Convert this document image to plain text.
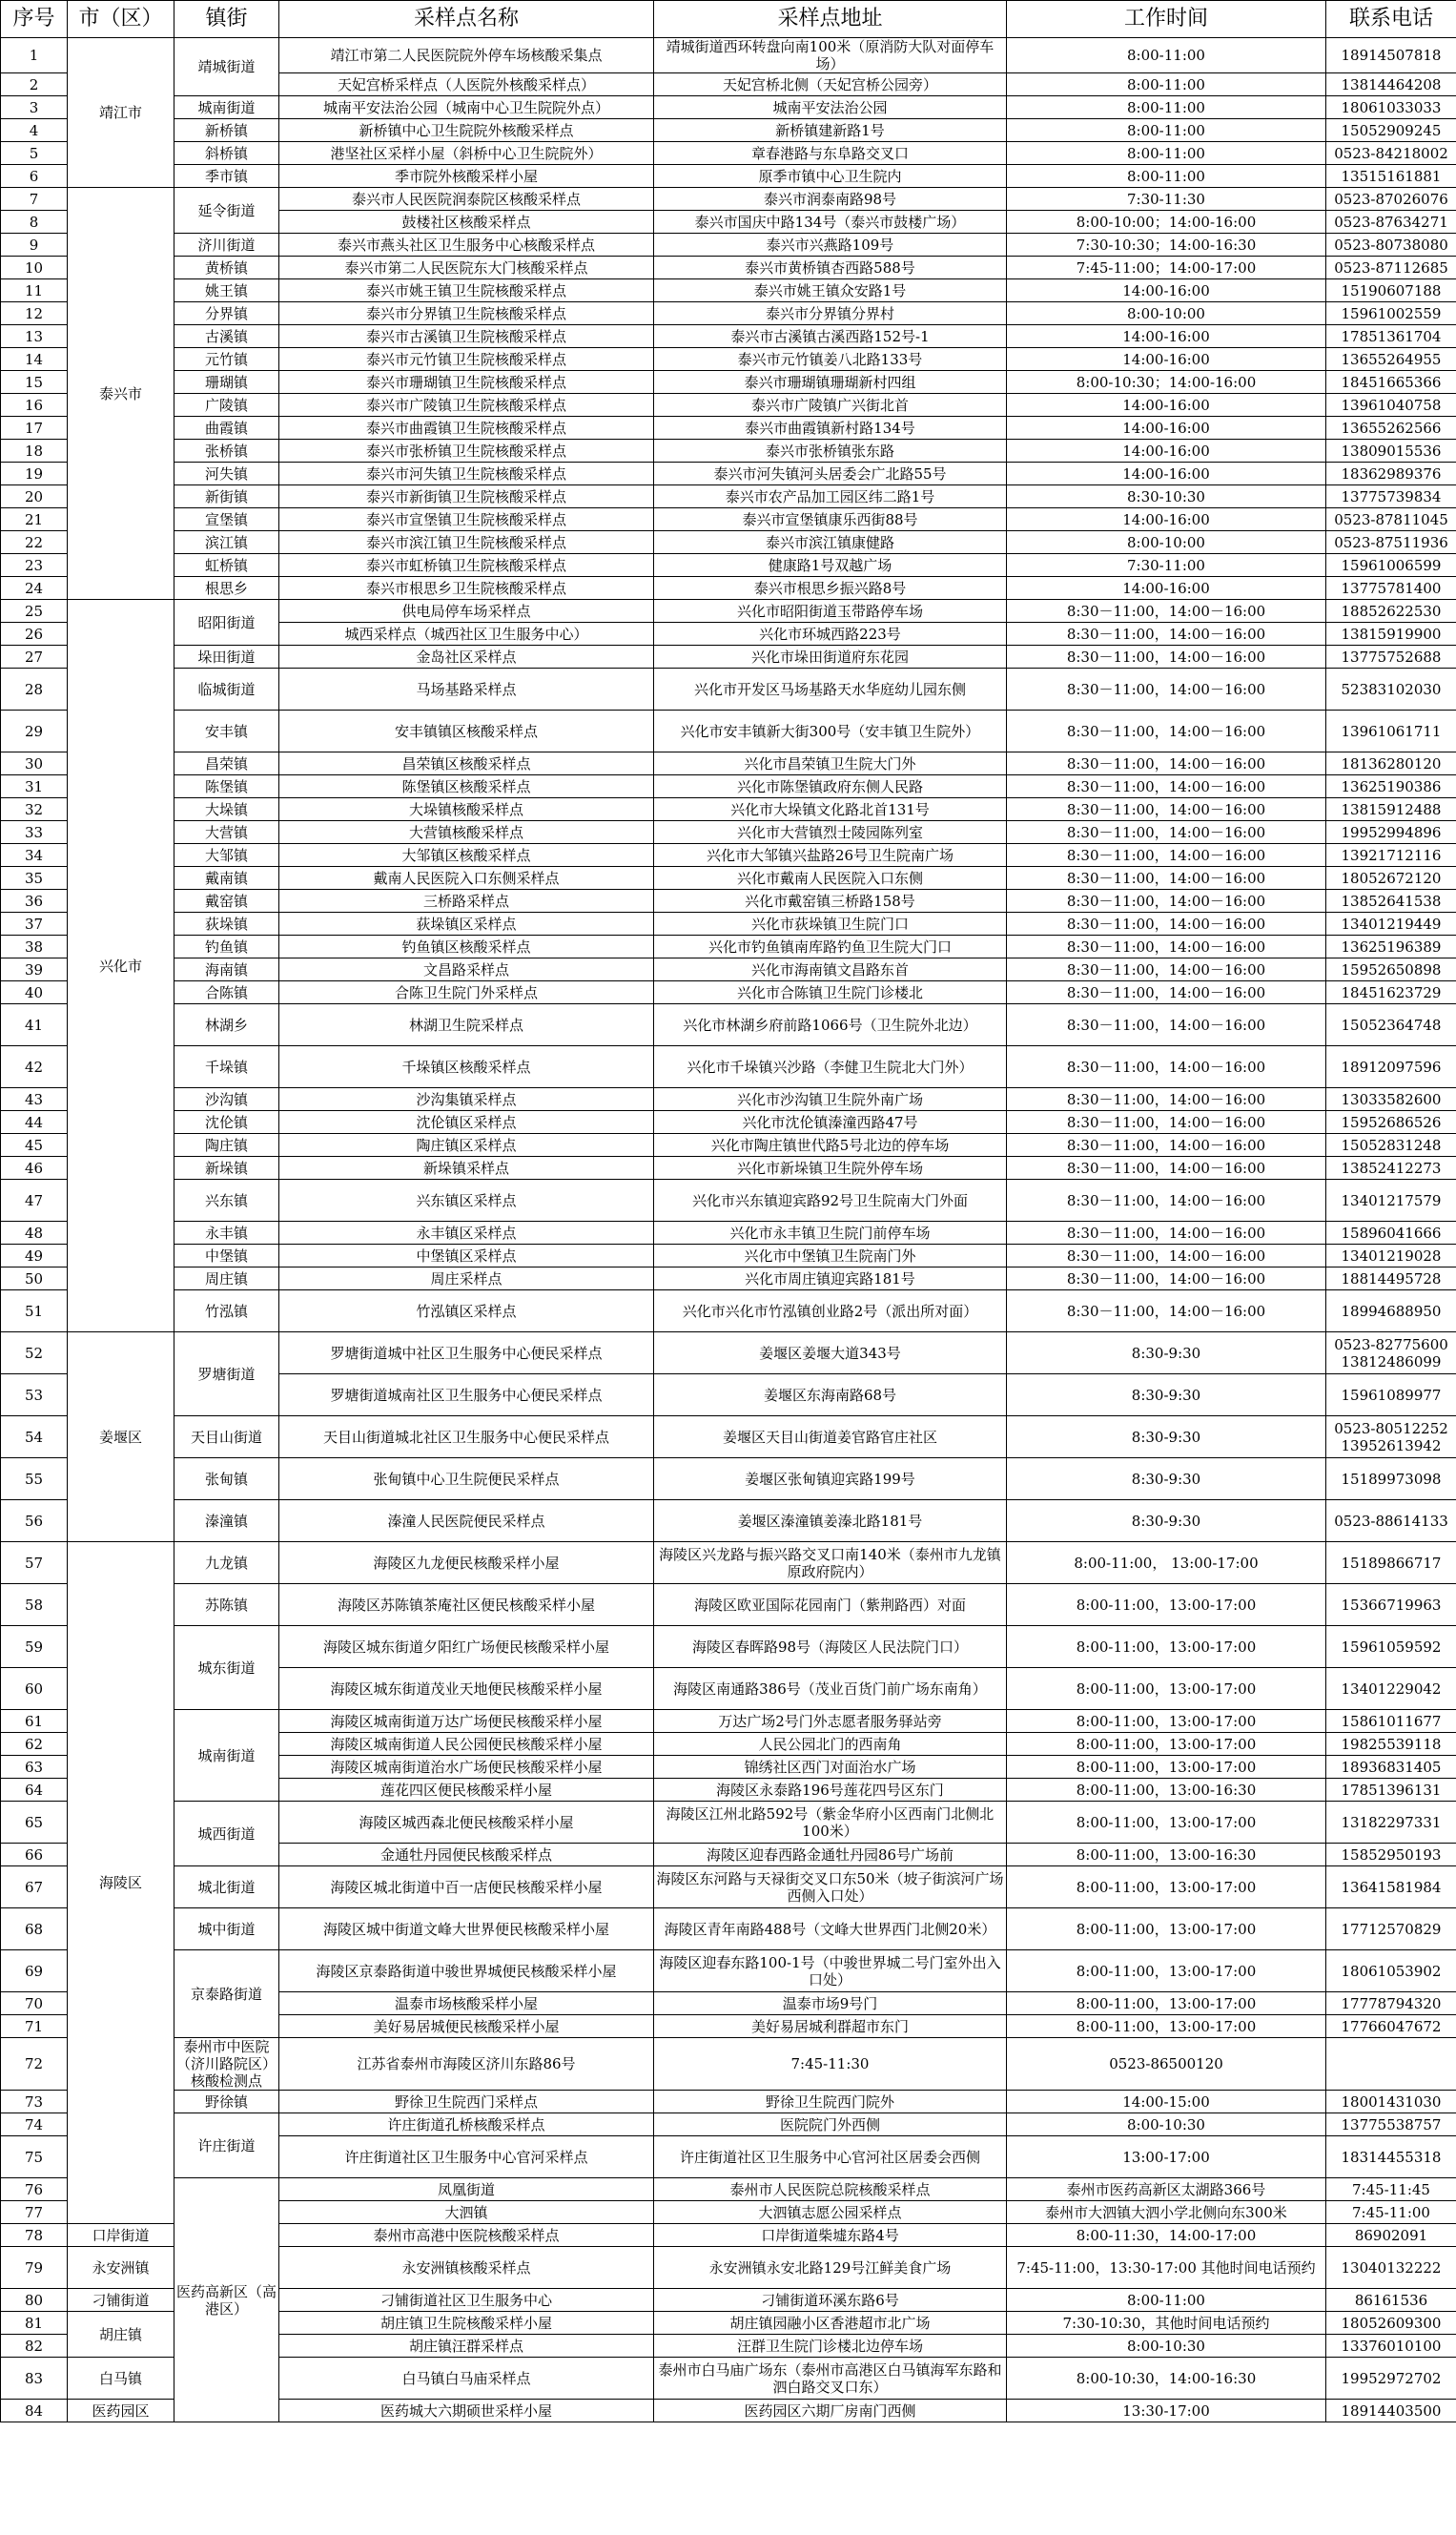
序号	市（区）	镇街	采样点名称	采样点地址	工作时间	联系电话
1	靖江市	靖城街道	靖江市第二人民医院院外停车场核酸采集点	靖城街道西环转盘向南100米（原消防大队对面停车场）	8:00-11:00	18914507818
2			天妃宫桥采样点（人医院外核酸采样点）	天妃宫桥北侧（天妃宫桥公园旁）	8:00-11:00	13814464208
3		城南街道	城南平安法治公园（城南中心卫生院院外点）	城南平安法治公园	8:00-11:00	18061033033
4		新桥镇	新桥镇中心卫生院院外核酸采样点	新桥镇建新路1号	8:00-11:00	15052909245
5		斜桥镇	港坚社区采样小屋（斜桥中心卫生院院外）	章春港路与东阜路交叉口	8:00-11:00	0523-84218002
6		季市镇	季市院外核酸采样小屋	原季市镇中心卫生院内	8:00-11:00	13515161881
7	泰兴市	延令街道	泰兴市人民医院润泰院区核酸采样点	泰兴市润泰南路98号	7:30-11:30	0523-87026076
8			鼓楼社区核酸采样点	泰兴市国庆中路134号（泰兴市鼓楼广场）	8:00-10:00；14:00-16:00	0523-87634271
9		济川街道	泰兴市燕头社区卫生服务中心核酸采样点	泰兴市兴燕路109号	7:30-10:30；14:00-16:30	0523-80738080
10		黄桥镇	泰兴市第二人民医院东大门核酸采样点	泰兴市黄桥镇杏西路588号	7:45-11:00；14:00-17:00	0523-87112685
11		姚王镇	泰兴市姚王镇卫生院核酸采样点	泰兴市姚王镇众安路1号	14:00-16:00	15190607188
12		分界镇	泰兴市分界镇卫生院核酸采样点	泰兴市分界镇分界村	8:00-10:00	15961002559
13		古溪镇	泰兴市古溪镇卫生院核酸采样点	泰兴市古溪镇古溪西路152号-1	14:00-16:00	17851361704
14		元竹镇	泰兴市元竹镇卫生院核酸采样点	泰兴市元竹镇姜八北路133号	14:00-16:00	13655264955
15		珊瑚镇	泰兴市珊瑚镇卫生院核酸采样点	泰兴市珊瑚镇珊瑚新村四组	8:00-10:30；14:00-16:00	18451665366
16		广陵镇	泰兴市广陵镇卫生院核酸采样点	泰兴市广陵镇广兴街北首	14:00-16:00	13961040758
17		曲霞镇	泰兴市曲霞镇卫生院核酸采样点	泰兴市曲霞镇新村路134号	14:00-16:00	13655262566
18		张桥镇	泰兴市张桥镇卫生院核酸采样点	泰兴市张桥镇张东路	14:00-16:00	13809015536
19		河失镇	泰兴市河失镇卫生院核酸采样点	泰兴市河失镇河头居委会广北路55号	14:00-16:00	18362989376
20		新街镇	泰兴市新街镇卫生院核酸采样点	泰兴市农产品加工园区纬二路1号	8:30-10:30	13775739834
21		宣堡镇	泰兴市宣堡镇卫生院核酸采样点	泰兴市宣堡镇康乐西街88号	14:00-16:00	0523-87811045
22		滨江镇	泰兴市滨江镇卫生院核酸采样点	泰兴市滨江镇康健路	8:00-10:00	0523-87511936
23		虹桥镇	泰兴市虹桥镇卫生院核酸采样点	健康路1号双越广场	7:30-11:00	15961006599
24		根思乡	泰兴市根思乡卫生院核酸采样点	泰兴市根思乡振兴路8号	14:00-16:00	13775781400
25	兴化市	昭阳街道	供电局停车场采样点	兴化市昭阳街道玉带路停车场	8:30－11:00，14:00－16:00	18852622530
26			城西采样点（城西社区卫生服务中心）	兴化市环城西路223号	8:30－11:00，14:00－16:00	13815919900
27		垛田街道	金岛社区采样点	兴化市垛田街道府东花园	8:30－11:00，14:00－16:00	13775752688
28		临城街道	马场基路采样点	兴化市开发区马场基路天水华庭幼儿园东侧	8:30－11:00，14:00－16:00	52383102030
29		安丰镇	安丰镇镇区核酸采样点	兴化市安丰镇新大街300号（安丰镇卫生院外）	8:30－11:00，14:00－16:00	13961061711
30		昌荣镇	昌荣镇区核酸采样点	兴化市昌荣镇卫生院大门外	8:30－11:00，14:00－16:00	18136280120
31		陈堡镇	陈堡镇区核酸采样点	兴化市陈堡镇政府东侧人民路	8:30－11:00，14:00－16:00	13625190386
32		大垛镇	大垛镇核酸采样点	兴化市大垛镇文化路北首131号	8:30－11:00，14:00－16:00	13815912488
33		大营镇	大营镇核酸采样点	兴化市大营镇烈士陵园陈列室	8:30－11:00，14:00－16:00	19952994896
34		大邹镇	大邹镇区核酸采样点	兴化市大邹镇兴盐路26号卫生院南广场	8:30－11:00，14:00－16:00	13921712116
35		戴南镇	戴南人民医院入口东侧采样点	兴化市戴南人民医院入口东侧	8:30－11:00，14:00－16:00	18052672120
36		戴窑镇	三桥路采样点	兴化市戴窑镇三桥路158号	8:30－11:00，14:00－16:00	13852641538
37		荻垛镇	荻垛镇区采样点	兴化市荻垛镇卫生院门口	8:30－11:00，14:00－16:00	13401219449
38		钓鱼镇	钓鱼镇区核酸采样点	兴化市钓鱼镇南库路钓鱼卫生院大门口	8:30－11:00，14:00－16:00	13625196389
39		海南镇	文昌路采样点	兴化市海南镇文昌路东首	8:30－11:00，14:00－16:00	15952650898
40		合陈镇	合陈卫生院门外采样点	兴化市合陈镇卫生院门诊楼北	8:30－11:00，14:00－16:00	18451623729
41		林湖乡	林湖卫生院采样点	兴化市林湖乡府前路1066号（卫生院外北边）	8:30－11:00，14:00－16:00	15052364748
42		千垛镇	千垛镇区核酸采样点	兴化市千垛镇兴沙路（李健卫生院北大门外）	8:30－11:00，14:00－16:00	18912097596
43		沙沟镇	沙沟集镇采样点	兴化市沙沟镇卫生院外南广场	8:30－11:00，14:00－16:00	13033582600
44		沈伦镇	沈伦镇区采样点	兴化市沈伦镇溱潼西路47号	8:30－11:00，14:00－16:00	15952686526
45		陶庄镇	陶庄镇区采样点	兴化市陶庄镇世代路5号北边的停车场	8:30－11:00，14:00－16:00	15052831248
46		新垛镇	新垛镇采样点	兴化市新垛镇卫生院外停车场	8:30－11:00，14:00－16:00	13852412273
47		兴东镇	兴东镇区采样点	兴化市兴东镇迎宾路92号卫生院南大门外面	8:30－11:00，14:00－16:00	13401217579
48		永丰镇	永丰镇区采样点	兴化市永丰镇卫生院门前停车场	8:30－11:00，14:00－16:00	15896041666
49		中堡镇	中堡镇区采样点	兴化市中堡镇卫生院南门外	8:30－11:00，14:00－16:00	13401219028
50		周庄镇	周庄采样点	兴化市周庄镇迎宾路181号	8:30－11:00，14:00－16:00	18814495728
51		竹泓镇	竹泓镇区采样点	兴化市兴化市竹泓镇创业路2号（派出所对面）	8:30－11:00，14:00－16:00	18994688950
52	姜堰区	罗塘街道	罗塘街道城中社区卫生服务中心便民采样点	姜堰区姜堰大道343号	8:30-9:30	0523-82775600 13812486099
53			罗塘街道城南社区卫生服务中心便民采样点	姜堰区东海南路68号	8:30-9:30	15961089977
54		天目山街道	天目山街道城北社区卫生服务中心便民采样点	姜堰区天目山街道姜官路官庄社区	8:30-9:30	0523-80512252 13952613942
55		张甸镇	张甸镇中心卫生院便民采样点	姜堰区张甸镇迎宾路199号	8:30-9:30	15189973098
56		溱潼镇	溱潼人民医院便民采样点	姜堰区溱潼镇姜溱北路181号	8:30-9:30	0523-88614133
57	海陵区	九龙镇	海陵区九龙便民核酸采样小屋	海陵区兴龙路与振兴路交叉口南140米（泰州市九龙镇原政府院内）	8:00-11:00， 13:00-17:00	15189866717
58		苏陈镇	海陵区苏陈镇茶庵社区便民核酸采样小屋	海陵区欧亚国际花园南门（紫荆路西）对面	8:00-11:00，13:00-17:00	15366719963
59		城东街道	海陵区城东街道夕阳红广场便民核酸采样小屋	海陵区春晖路98号（海陵区人民法院门口）	8:00-11:00，13:00-17:00	15961059592
60			海陵区城东街道茂业天地便民核酸采样小屋	海陵区南通路386号（茂业百货门前广场东南角）	8:00-11:00，13:00-17:00	13401229042
61		城南街道	海陵区城南街道万达广场便民核酸采样小屋	万达广场2号门外志愿者服务驿站旁	8:00-11:00，13:00-17:00	15861011677
62			海陵区城南街道人民公园便民核酸采样小屋	人民公园北门的西南角	8:00-11:00，13:00-17:00	19825539118
63			海陵区城南街道治水广场便民核酸采样小屋	锦绣社区西门对面治水广场	8:00-11:00，13:00-17:00	18936831405
64			莲花四区便民核酸采样小屋	海陵区永泰路196号莲花四号区东门	8:00-11:00，13:00-16:30	17851396131
65		城西街道	海陵区城西森北便民核酸采样小屋	海陵区江州北路592号（紫金华府小区西南门北侧北100米）	8:00-11:00，13:00-17:00	13182297331
66			金通牡丹园便民核酸采样点	海陵区迎春西路金通牡丹园86号广场前	8:00-11:00，13:00-16:30	15852950193
67		城北街道	海陵区城北街道中百一店便民核酸采样小屋	海陵区东河路与天禄街交叉口东50米（坡子街滨河广场西侧入口处）	8:00-11:00，13:00-17:00	13641581984
68		城中街道	海陵区城中街道文峰大世界便民核酸采样小屋	海陵区青年南路488号（文峰大世界西门北侧20米）	8:00-11:00，13:00-17:00	17712570829
69		京泰路街道	海陵区京泰路街道中骏世界城便民核酸采样小屋	海陵区迎春东路100-1号（中骏世界城二号门室外出入口处）	8:00-11:00，13:00-17:00	18061053902
70			温泰市场核酸采样小屋	温泰市场9号门	8:00-11:00，13:00-17:00	17778794320
71			美好易居城便民核酸采样小屋	美好易居城利群超市东门	8:00-11:00，13:00-17:00	17766047672
72		泰州市中医院（济川路院区）核酸检测点	江苏省泰州市海陵区济川东路86号	7:45-11:30	0523-86500120	
73		野徐镇	野徐卫生院西门采样点	野徐卫生院西门院外	14:00-15:00	18001431030
74		许庄街道	许庄街道孔桥核酸采样点	医院院门外西侧	8:00-10:30	13775538757
75			许庄街道社区卫生服务中心官河采样点	许庄街道社区卫生服务中心官河社区居委会西侧	13:00-17:00	18314455318
76		医药高新区（高港区）	凤凰街道	泰州市人民医院总院核酸采样点	泰州市医药高新区太湖路366号	7:45-11:45
77			大泗镇	大泗镇志愿公园采样点	泰州市大泗镇大泗小学北侧向东300米	7:45-11:00
78	口岸街道		泰州市高港中医院核酸采样点	口岸街道柴墟东路4号	8:00-11:30，14:00-17:00	86902091
79	永安洲镇		永安洲镇核酸采样点	永安洲镇永安北路129号江鲜美食广场	7:45-11:00，13:30-17:00 其他时间电话预约	13040132222
80	刁铺街道		刁铺街道社区卫生服务中心	刁铺街道环溪东路6号	8:00-11:00	86161536
81	胡庄镇		胡庄镇卫生院核酸采样小屋	胡庄镇园融小区香港超市北广场	7:30-10:30，其他时间电话预约	18052609300
82			胡庄镇汪群采样点	汪群卫生院门诊楼北边停车场	8:00-10:30	13376010100
83	白马镇		白马镇白马庙采样点	泰州市白马庙广场东（泰州市高港区白马镇海军东路和泗白路交叉口东）	8:00-10:30，14:00-16:30	19952972702
84	医药园区		医药城大六期硕世采样小屋	医药园区六期厂房南门西侧	13:30-17:00	18914403500
